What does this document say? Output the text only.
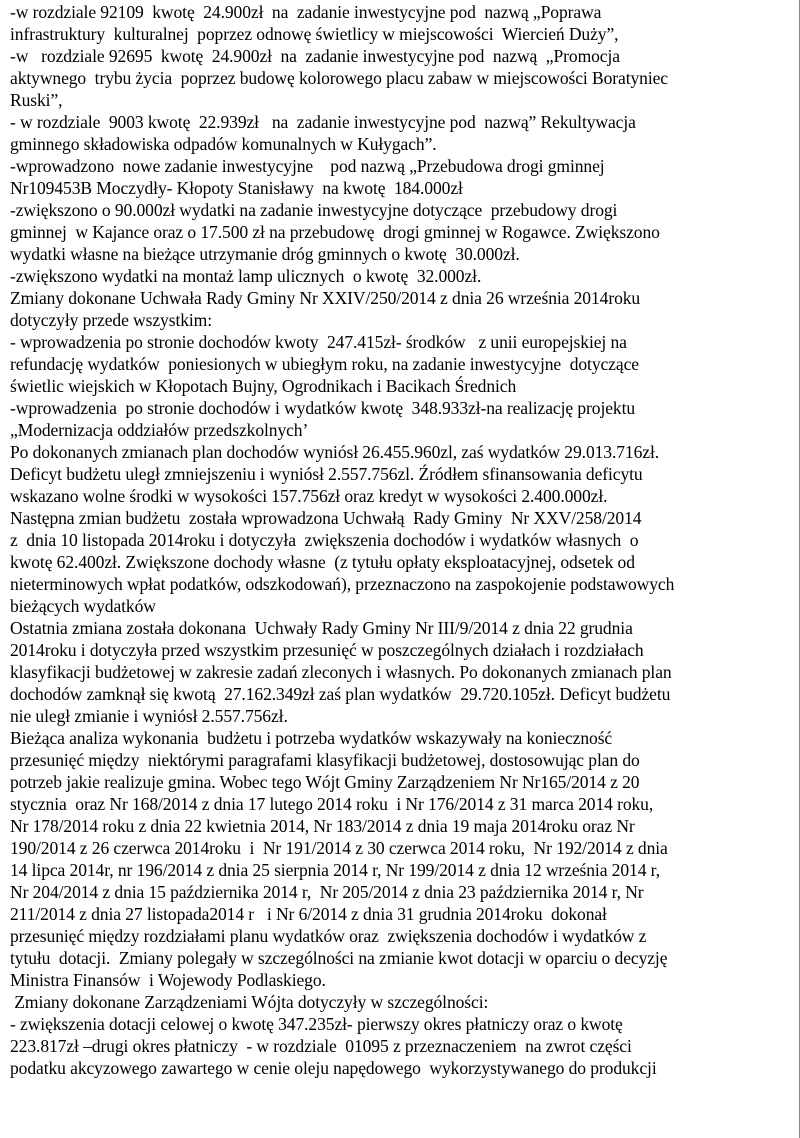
-w rozdziale 92109  kwotę  24.900zł  na  zadanie inwestycyjne pod  nazwą „Poprawa
infrastruktury  kulturalnej  poprzez odnowę świetlicy w miejscowości  Wiercień Duży”,
-w   rozdziale 92695  kwotę  24.900zł  na  zadanie inwestycyjne pod  nazwą  „Promocja
aktywnego  trybu życia  poprzez budowę kolorowego placu zabaw w miejscowości Boratyniec
Ruski”,
- w rozdziale  9003 kwotę  22.939zł   na  zadanie inwestycyjne pod  nazwą” Rekultywacja
gminnego składowiska odpadów komunalnych w Kułygach”.
-wprowadzono  nowe zadanie inwestycyjne    pod nazwą „Przebudowa drogi gminnej
Nr109453B Moczydły- Kłopoty Stanisławy  na kwotę  184.000zł
-zwiększono o 90.000zł wydatki na zadanie inwestycyjne dotyczące  przebudowy drogi
gminnej  w Kajance oraz o 17.500 zł na przebudowę  drogi gminnej w Rogawce. Zwiększono
wydatki własne na bieżące utrzymanie dróg gminnych o kwotę  30.000zł.
-zwiększono wydatki na montaż lamp ulicznych  o kwotę  32.000zł.
Zmiany dokonane Uchwała Rady Gminy Nr XXIV/250/2014 z dnia 26 września 2014roku
dotyczyły przede wszystkim:
- wprowadzenia po stronie dochodów kwoty  247.415zł- środków   z unii europejskiej na
refundację wydatków  poniesionych w ubiegłym roku, na zadanie inwestycyjne  dotyczące
świetlic wiejskich w Kłopotach Bujny, Ogrodnikach i Bacikach Średnich
-wprowadzenia  po stronie dochodów i wydatków kwotę  348.933zł-na realizację projektu
„Modernizacja oddziałów przedszkolnych’
Po dokonanych zmianach plan dochodów wyniósł 26.455.960zl, zaś wydatków 29.013.716zł.
Deficyt budżetu uległ zmniejszeniu i wyniósł 2.557.756zl. Źródłem sfinansowania deficytu
wskazano wolne środki w wysokości 157.756zł oraz kredyt w wysokości 2.400.000zł.
Następna zmian budżetu  została wprowadzona Uchwałą  Rady Gminy  Nr XXV/258/2014
z  dnia 10 listopada 2014roku i dotyczyła  zwiększenia dochodów i wydatków własnych  o
kwotę 62.400zł. Zwiększone dochody własne  (z tytułu opłaty eksploatacyjnej, odsetek od
nieterminowych wpłat podatków, odszkodowań), przeznaczono na zaspokojenie podstawowych
bieżących wydatków
Ostatnia zmiana została dokonana  Uchwały Rady Gminy Nr III/9/2014 z dnia 22 grudnia
2014roku i dotyczyła przed wszystkim przesunięć w poszczególnych działach i rozdziałach
klasyfikacji budżetowej w zakresie zadań zleconych i własnych. Po dokonanych zmianach plan
dochodów zamknął się kwotą  27.162.349zł zaś plan wydatków  29.720.105zł. Deficyt budżetu
nie uległ zmianie i wyniósł 2.557.756zł.
Bieżąca analiza wykonania  budżetu i potrzeba wydatków wskazywały na konieczność
przesunięć między  niektórymi paragrafami klasyfikacji budżetowej, dostosowując plan do
potrzeb jakie realizuje gmina. Wobec tego Wójt Gminy Zarządzeniem Nr Nr165/2014 z 20
stycznia  oraz Nr 168/2014 z dnia 17 lutego 2014 roku  i Nr 176/2014 z 31 marca 2014 roku,
Nr 178/2014 roku z dnia 22 kwietnia 2014, Nr 183/2014 z dnia 19 maja 2014roku oraz Nr
190/2014 z 26 czerwca 2014roku  i  Nr 191/2014 z 30 czerwca 2014 roku,  Nr 192/2014 z dnia
14 lipca 2014r, nr 196/2014 z dnia 25 sierpnia 2014 r, Nr 199/2014 z dnia 12 września 2014 r,
Nr 204/2014 z dnia 15 października 2014 r,  Nr 205/2014 z dnia 23 października 2014 r, Nr
211/2014 z dnia 27 listopada2014 r   i Nr 6/2014 z dnia 31 grudnia 2014roku  dokonał
przesunięć między rozdziałami planu wydatków oraz  zwiększenia dochodów i wydatków z
tytułu  dotacji.  Zmiany polegały w szczególności na zmianie kwot dotacji w oparciu o decyzję
Ministra Finansów  i Wojewody Podlaskiego.
Zmiany dokonane Zarządzeniami Wójta dotyczyły w szczególności:
- zwiększenia dotacji celowej o kwotę 347.235zł- pierwszy okres płatniczy oraz o kwotę
223.817zł –drugi okres płatniczy  - w rozdziale  01095 z przeznaczeniem  na zwrot części
podatku akcyzowego zawartego w cenie oleju napędowego  wykorzystywanego do produkcji
